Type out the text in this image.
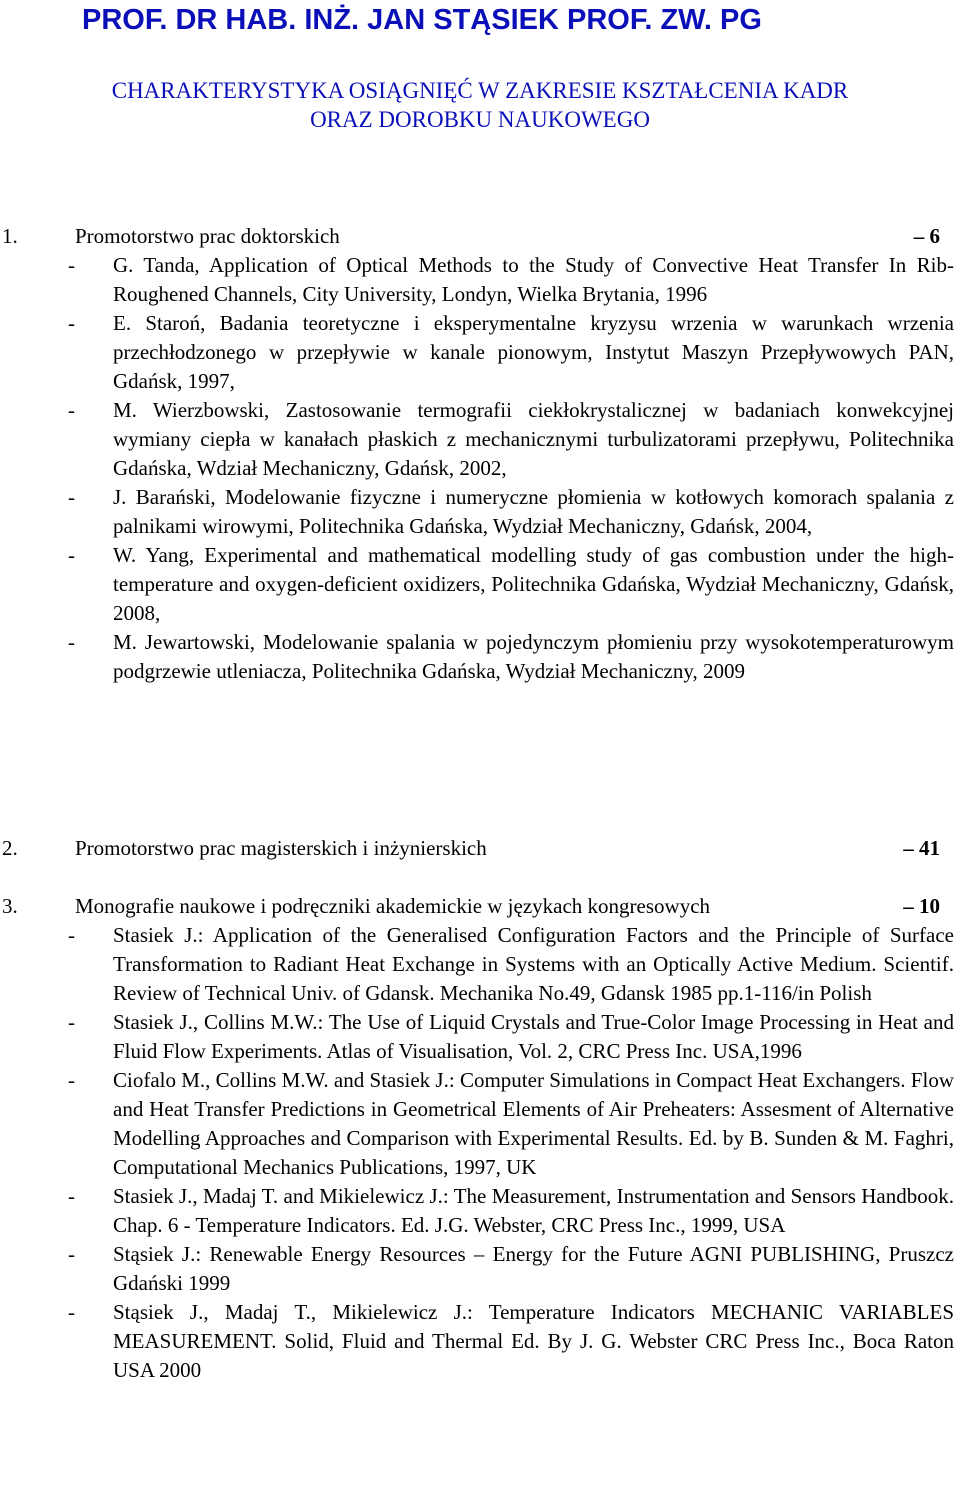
PROF. DR HAB. INŻ. JAN STĄSIEK PROF. ZW. PG
CHARAKTERYSTYKA OSIĄGNIĘĆ W ZAKRESIE KSZTAŁCENIA KADR
ORAZ DOROBKU NAUKOWEGO
1.	Promotorstwo prac doktorskich	– 6
- G. Tanda, Application of Optical Methods to the Study of Convective Heat Transfer In Rib-Roughened Channels, City University, Londyn, Wielka Brytania, 1996
- E. Staroń, Badania teoretyczne i eksperymentalne kryzysu wrzenia w warunkach wrzenia przechłodzonego w przepływie w kanale pionowym, Instytut Maszyn Przepływowych PAN, Gdańsk, 1997,
- M. Wierzbowski, Zastosowanie termografii ciekłokrystalicznej w badaniach konwekcyjnej wymiany ciepła w kanałach płaskich z mechanicznymi turbulizatorami przepływu, Politechnika Gdańska, Wdział Mechaniczny, Gdańsk, 2002,
- J. Barański, Modelowanie fizyczne i numeryczne płomienia w kotłowych komorach spalania z palnikami wirowymi, Politechnika Gdańska, Wydział Mechaniczny, Gdańsk, 2004,
- W. Yang, Experimental and mathematical modelling study of gas combustion under the high-temperature and oxygen-deficient oxidizers, Politechnika Gdańska, Wydział Mechaniczny, Gdańsk, 2008,
- M. Jewartowski, Modelowanie spalania w pojedynczym płomieniu przy wysokotemperaturowym podgrzewie utleniacza, Politechnika Gdańska, Wydział Mechaniczny, 2009
2.	Promotorstwo prac magisterskich i inżynierskich	– 41
3.	Monografie naukowe i podręczniki akademickie w językach kongresowych	– 10
- Stasiek J.: Application of the Generalised Configuration Factors and the Principle of Surface Transformation to Radiant Heat Exchange in Systems with an Optically Active Medium. Scientif. Review of Technical Univ. of Gdansk. Mechanika No.49, Gdansk 1985 pp.1-116/in Polish
- Stasiek J., Collins M.W.: The Use of Liquid Crystals and True-Color Image Processing in Heat and Fluid Flow Experiments. Atlas of Visualisation, Vol. 2, CRC Press Inc. USA,1996
- Ciofalo M., Collins M.W. and Stasiek J.: Computer Simulations in Compact Heat Exchangers. Flow and Heat Transfer Predictions in Geometrical Elements of Air Preheaters: Assesment of Alternative Modelling Approaches and Comparison with Experimental Results. Ed. by B. Sunden & M. Faghri, Computational Mechanics Publications, 1997, UK
- Stasiek J., Madaj T. and Mikielewicz J.: The Measurement, Instrumentation and Sensors Handbook. Chap. 6 - Temperature Indicators. Ed. J.G. Webster, CRC Press Inc., 1999, USA
- Stąsiek J.: Renewable Energy Resources – Energy for the Future AGNI PUBLISHING, Pruszcz Gdański 1999
- Stąsiek J., Madaj T., Mikielewicz J.: Temperature Indicators MECHANIC VARIABLES MEASUREMENT. Solid, Fluid and Thermal Ed. By J. G. Webster CRC Press Inc., Boca Raton USA 2000
